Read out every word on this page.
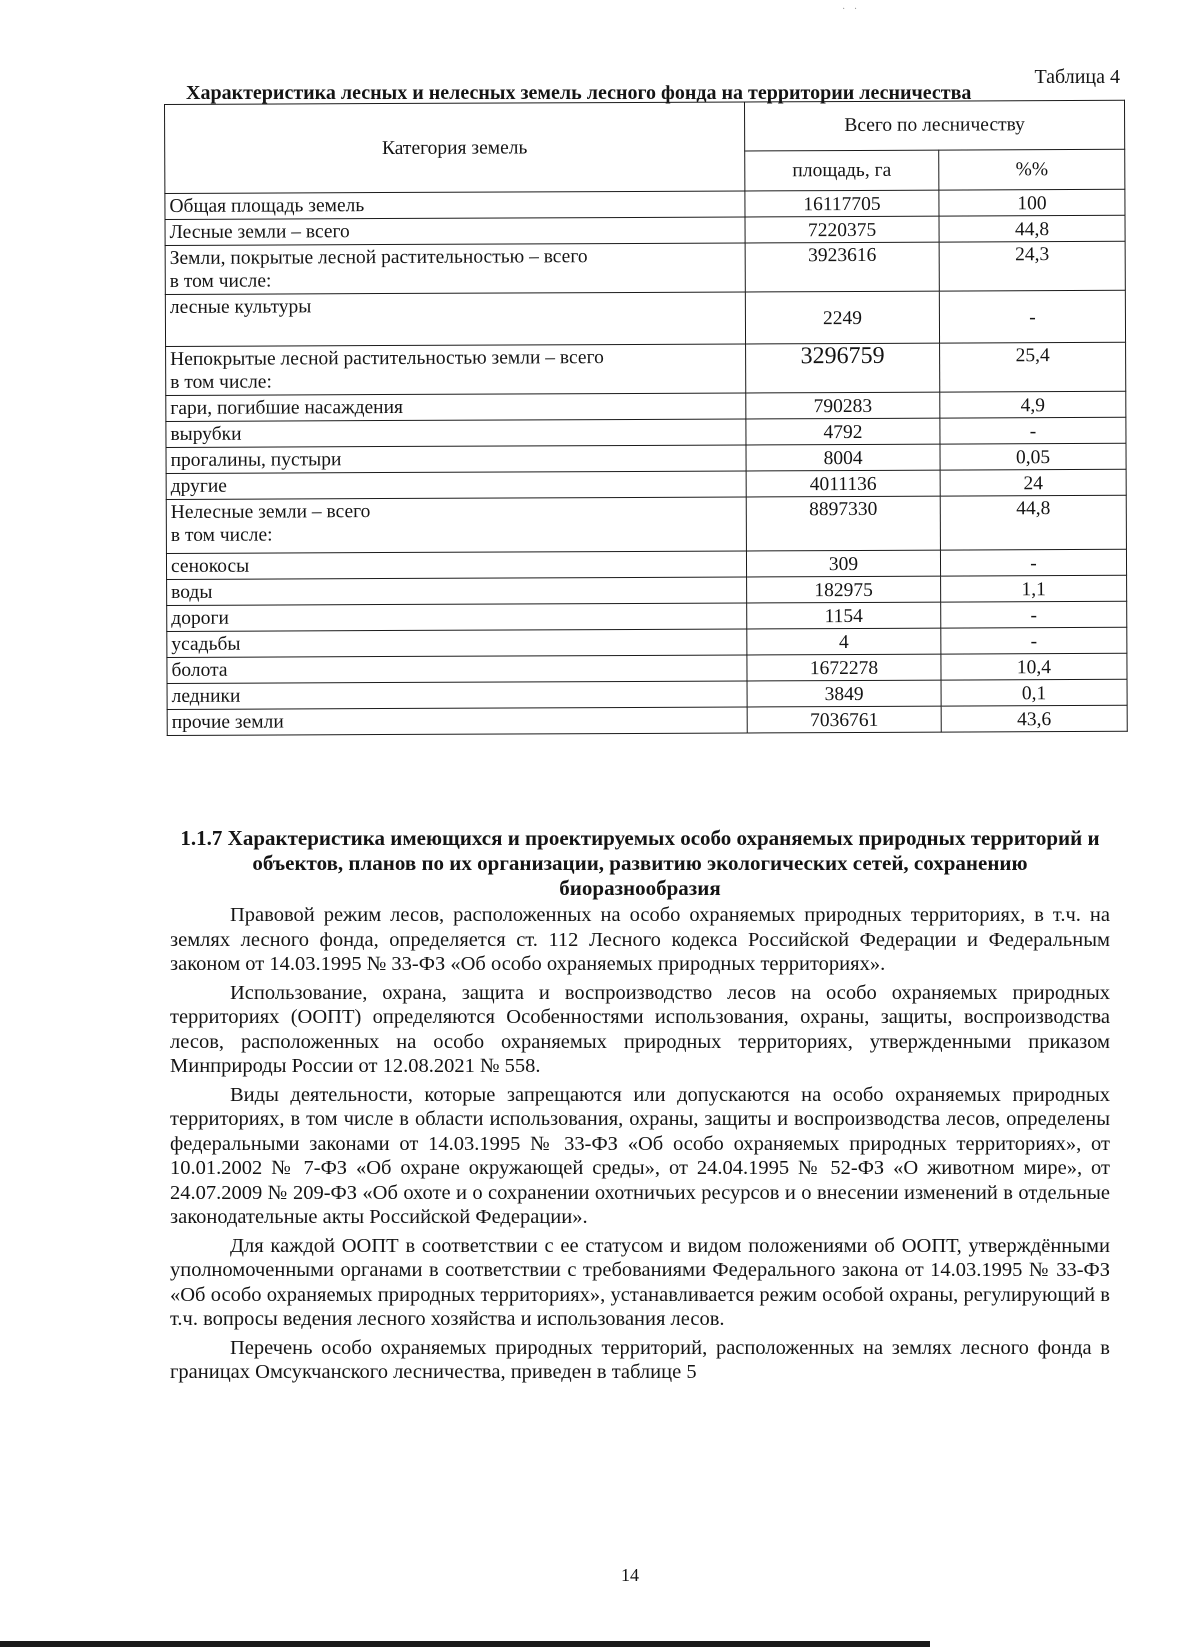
· ·
Таблица 4
Характеристика лесных и нелесных земель лесного фонда на территории лесничества
Категория земель	Всего по лесничеству	
	площадь, га	%%
Общая площадь земель	16117705	100
Лесные земли – всего	7220375	44,8

Земли, покрытые лесной растительностью – всего
в том числе:	3923616	24,3
лесные культуры	2249	-

Непокрытые лесной растительностью земли – всего
в том числе:	3296759	25,4
гари, погибшие насаждения	790283	4,9
вырубки	4792	-
прогалины, пустыри	8004	0,05
другие	4011136	24

Нелесные земли – всего
в том числе:	8897330	44,8
сенокосы	309	-
воды	182975	1,1
дороги	1154	-
усадьбы	4	-
болота	1672278	10,4
ледники	3849	0,1
прочие земли	7036761	43,6
1.1.7 Характеристика имеющихся и проектируемых особо охраняемых природных территорий и объектов, планов по их организации, развитию экологических сетей, сохранению биоразнообразия

Правовой режим лесов, расположенных на особо охраняемых природных территориях, в т.ч. на землях лесного фонда, определяется ст. 112 Лесного кодекса Российской Федерации и Федеральным законом от 14.03.1995 № 33-ФЗ «Об особо охраняемых природных территориях».

Использование, охрана, защита и воспроизводство лесов на особо охраняемых природных территориях (ООПТ) определяются Особенностями использования, охраны, защиты, воспроизводства лесов, расположенных на особо охраняемых природных территориях, утвержденными приказом Минприроды России от 12.08.2021 № 558.

Виды деятельности, которые запрещаются или допускаются на особо охраняемых природных территориях, в том числе в области использования, охраны, защиты и воспроизводства лесов, определены федеральными законами от 14.03.1995 № 33-ФЗ «Об особо охраняемых природных территориях», от 10.01.2002 № 7-ФЗ «Об охране окружающей среды», от 24.04.1995 № 52-ФЗ «О животном мире», от 24.07.2009 № 209-ФЗ «Об охоте и о сохранении охотничьих ресурсов и о внесении изменений в отдельные законодательные акты Российской Федерации».

Для каждой ООПТ в соответствии с ее статусом и видом положениями об ООПТ, утверждёнными уполномоченными органами в соответствии с требованиями Федерального закона от 14.03.1995 № 33-ФЗ «Об особо охраняемых природных территориях», устанавливается режим особой охраны, регулирующий в т.ч. вопросы ведения лесного хозяйства и использования лесов.

Перечень особо охраняемых природных территорий, расположенных на землях лесного фонда в границах Омсукчанского лесничества, приведен в таблице 5

14
